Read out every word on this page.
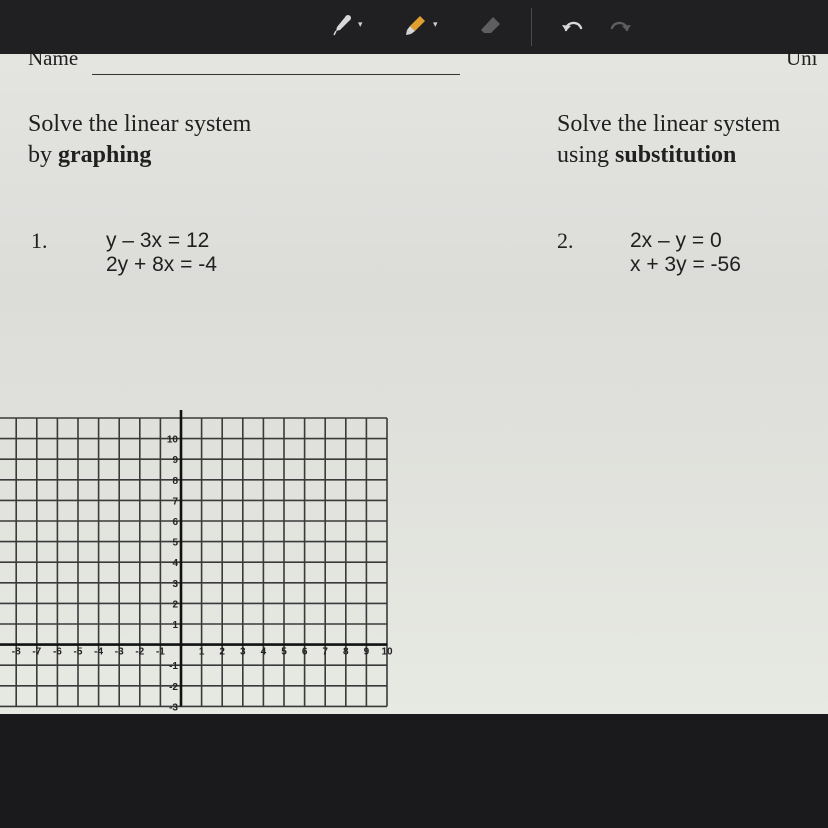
▾	▾
Name	Uni
Solve the linear system
by graphing
Solve the linear system
using substitution
1.	y – 3x = 12
2y + 8x = -4
2.	2x – y = 0
x + 3y = -56
-8 -7 -6 -5 -4 -3 -2 -1	1 2 3 4 5 6 7 8 9 10
10
9
8
7
6
5
4
3
2
1
-1
-2
-3
